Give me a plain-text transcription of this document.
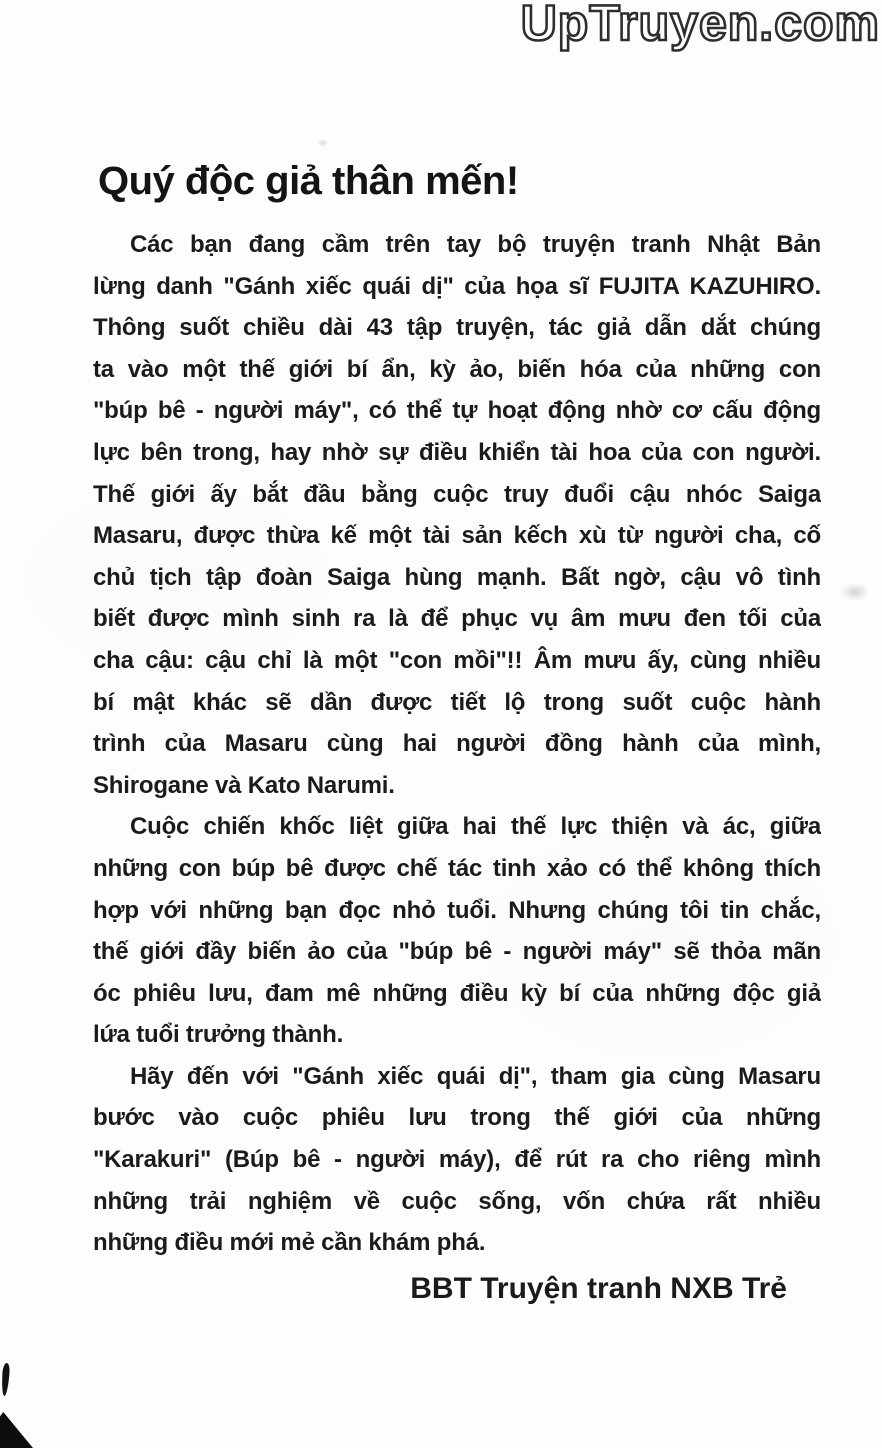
UpTruyen.com
Quý độc giả thân mến!
Các bạn đang cầm trên tay bộ truyện tranh Nhật Bản
lừng danh "Gánh xiếc quái dị" của họa sĩ FUJITA KAZUHIRO.
Thông suốt chiều dài 43 tập truyện, tác giả dẫn dắt chúng
ta vào một thế giới bí ẩn, kỳ ảo, biến hóa của những con
"búp bê - người máy", có thể tự hoạt động nhờ cơ cấu động
lực bên trong, hay nhờ sự điều khiển tài hoa của con người.
Thế giới ấy bắt đầu bằng cuộc truy đuổi cậu nhóc Saiga
Masaru, được thừa kế một tài sản kếch xù từ người cha, cố
chủ tịch tập đoàn Saiga hùng mạnh. Bất ngờ, cậu vô tình
biết được mình sinh ra là để phục vụ âm mưu đen tối của
cha cậu: cậu chỉ là một "con mồi"!! Âm mưu ấy, cùng nhiều
bí mật khác sẽ dần được tiết lộ trong suốt cuộc hành
trình của Masaru cùng hai người đồng hành của mình,
Shirogane và Kato Narumi.
Cuộc chiến khốc liệt giữa hai thế lực thiện và ác, giữa
những con búp bê được chế tác tinh xảo có thể không thích
hợp với những bạn đọc nhỏ tuổi. Nhưng chúng tôi tin chắc,
thế giới đầy biến ảo của "búp bê - người máy" sẽ thỏa mãn
óc phiêu lưu, đam mê những điều kỳ bí của những độc giả
lứa tuổi trưởng thành.
Hãy đến với "Gánh xiếc quái dị", tham gia cùng Masaru
bước vào cuộc phiêu lưu trong thế giới của những
"Karakuri" (Búp bê - người máy), để rút ra cho riêng mình
những trải nghiệm về cuộc sống, vốn chứa rất nhiều
những điều mới mẻ cần khám phá.
BBT Truyện tranh NXB Trẻ
